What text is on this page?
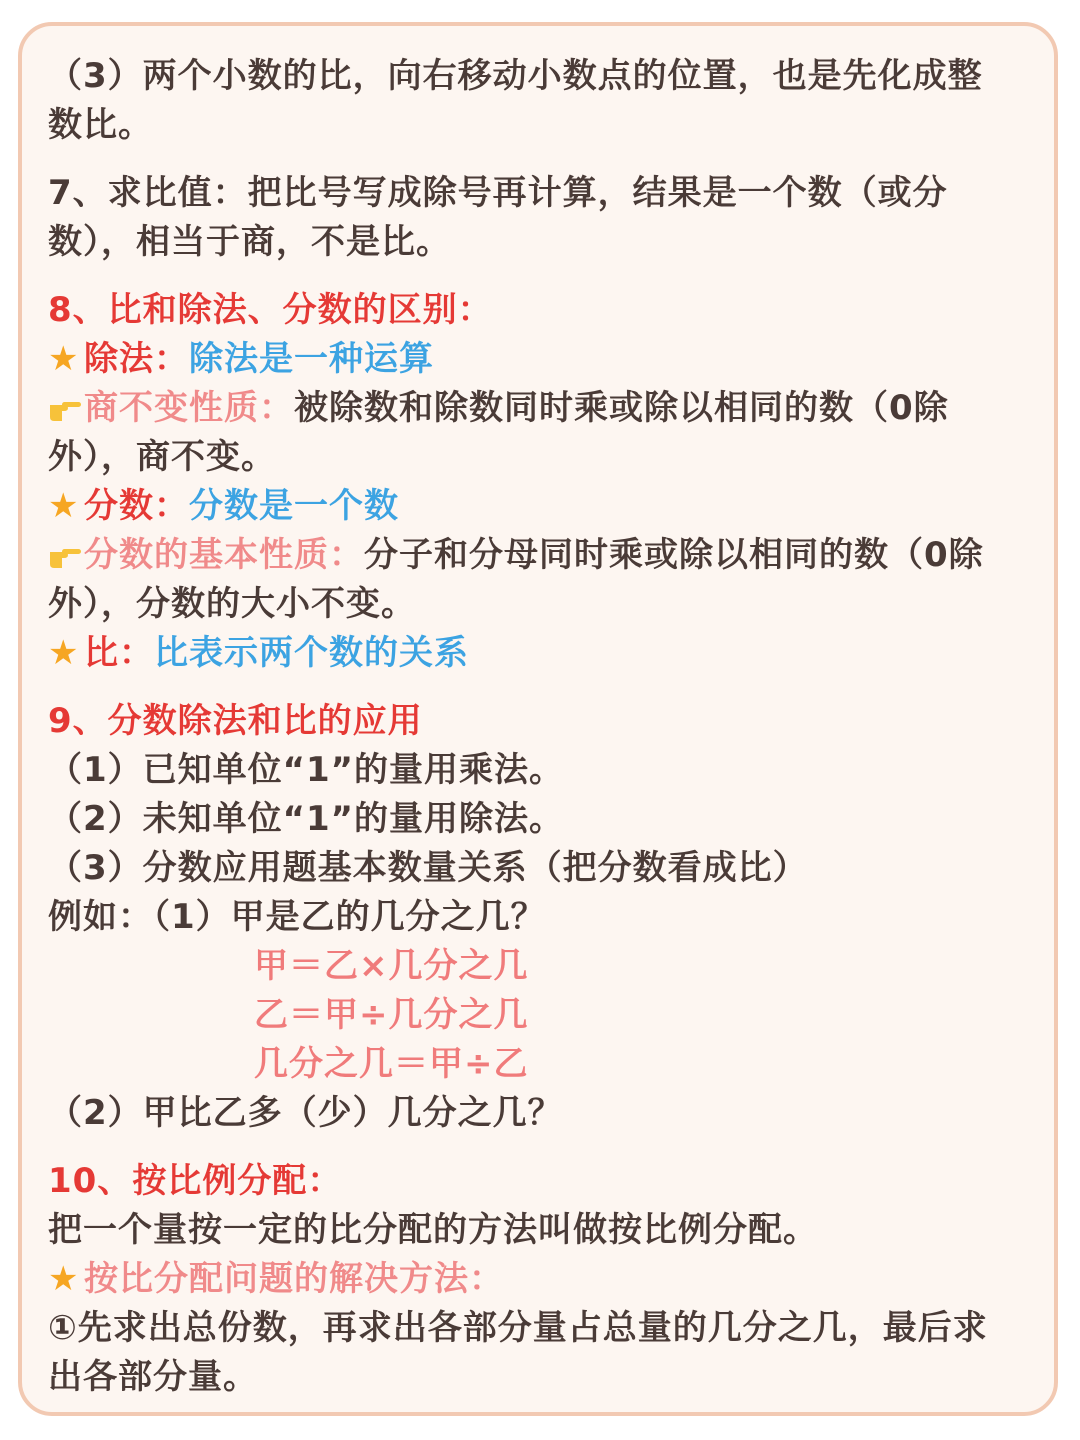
（3）两个小数的比，向右移动小数点的位置，也是先化成整
数比。
7、求比值：把比号写成除号再计算，结果是一个数（或分
数），相当于商，不是比。
8、比和除法、分数的区别：
★ 除法：除法是一种运算
商不变性质：被除数和除数同时乘或除以相同的数（0除
外），商不变。
★ 分数：分数是一个数
分数的基本性质：分子和分母同时乘或除以相同的数（0除
外），分数的大小不变。
★ 比：比表示两个数的关系
9、分数除法和比的应用
（1）已知单位“1”的量用乘法。
（2）未知单位“1”的量用除法。
（3）分数应用题基本数量关系（把分数看成比）
例如：（1）甲是乙的几分之几？
甲＝乙×几分之几
乙＝甲÷几分之几
几分之几＝甲÷乙
（2）甲比乙多（少）几分之几？
10、按比例分配：
把一个量按一定的比分配的方法叫做按比例分配。
★ 按比分配问题的解决方法：
①先求出总份数，再求出各部分量占总量的几分之几，最后求
出各部分量。
